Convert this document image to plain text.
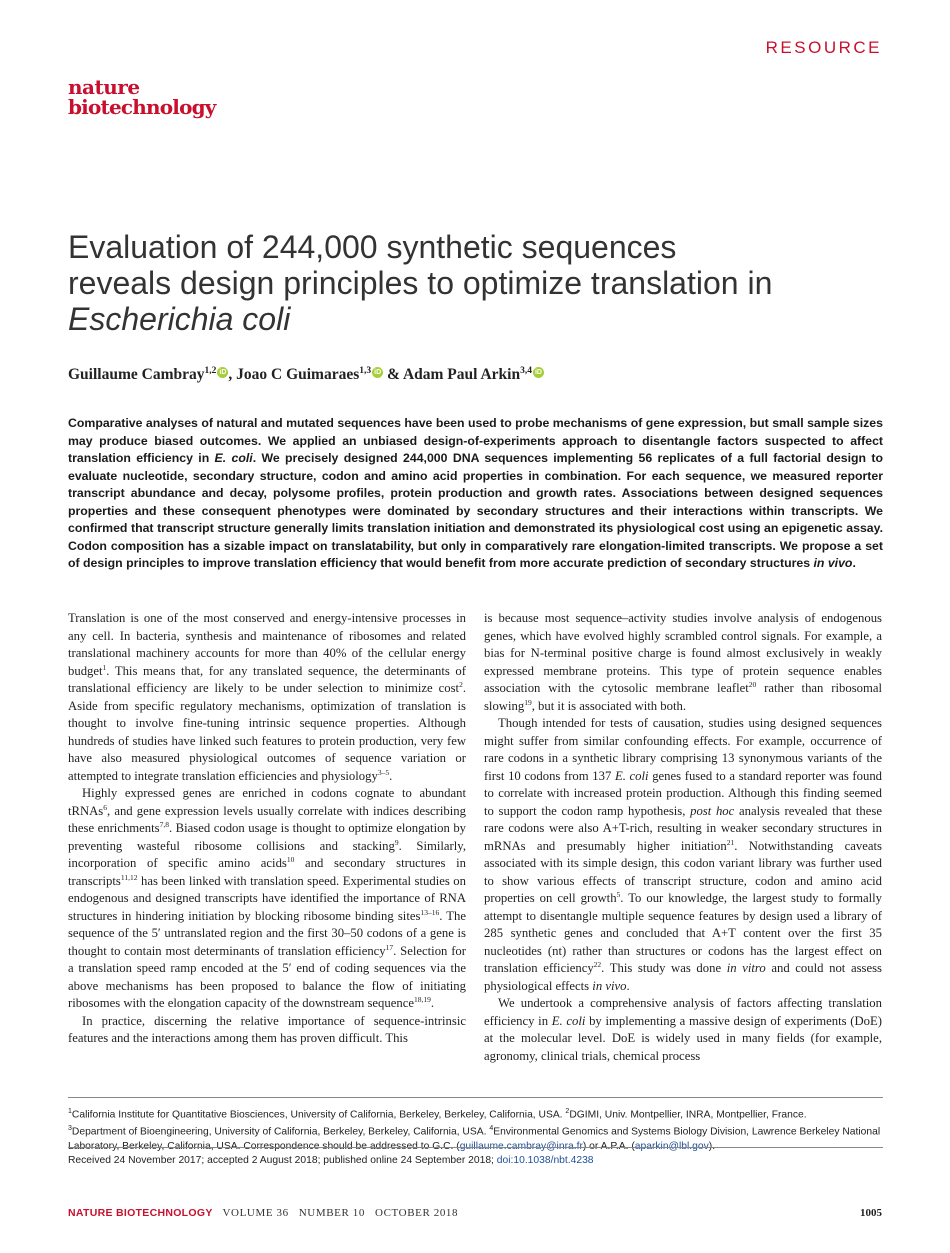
RESOURCE
nature
biotechnology
Evaluation of 244,000 synthetic sequences
reveals design principles to optimize translation in
Escherichia coli
Guillaume Cambray$^{1,2}$ iD , Joao C Guimaraes$^{1,3}$ iD & Adam Paul Arkin$^{3,4}$ iD
Comparative analyses of natural and mutated sequences have been used to probe mechanisms of gene expression, but small sample sizes may produce biased outcomes. We applied an unbiased design-of-experiments approach to disentangle factors suspected to affect translation efficiency in E. coli. We precisely designed 244,000 DNA sequences implementing 56 replicates of a full factorial design to evaluate nucleotide, secondary structure, codon and amino acid properties in combination. For each sequence, we measured reporter transcript abundance and decay, polysome profiles, protein production and growth rates. Associations between designed sequences properties and these consequent phenotypes were dominated by secondary structures and their interactions within transcripts. We confirmed that transcript structure generally limits translation initiation and demonstrated its physiological cost using an epigenetic assay. Codon composition has a sizable impact on translatability, but only in comparatively rare elongation-limited transcripts. We propose a set of design principles to improve translation efficiency that would benefit from more accurate prediction of secondary structures in vivo.

Translation is one of the most conserved and energy-intensive processes in any cell. In bacteria, synthesis and maintenance of ribosomes and related translational machinery accounts for more than 40% of the cellular energy budget$^1$. This means that, for any translated sequence, the determinants of translational efficiency are likely to be under selection to minimize cost$^2$. Aside from specific regulatory mechanisms, optimization of translation is thought to involve fine-tuning intrinsic sequence properties. Although hundreds of studies have linked such features to protein production, very few have also measured physiological outcomes of sequence variation or attempted to integrate translation efficiencies and physiology$^{3-5}$.

Highly expressed genes are enriched in codons cognate to abundant tRNAs$^6$, and gene expression levels usually correlate with indices describing these enrichments$^{7,8}$. Biased codon usage is thought to optimize elongation by preventing wasteful ribosome collisions and stacking$^9$. Similarly, incorporation of specific amino acids$^{10}$ and secondary structures in transcripts$^{11,12}$ has been linked with translation speed. Experimental studies on endogenous and designed transcripts have identified the importance of RNA structures in hindering initiation by blocking ribosome binding sites$^{13-16}$. The sequence of the 5′ untranslated region and the first 30–50 codons of a gene is thought to contain most determinants of translation efficiency$^{17}$. Selection for a translation speed ramp encoded at the 5′ end of coding sequences via the above mechanisms has been proposed to balance the flow of initiating ribosomes with the elongation capacity of the downstream sequence$^{18,19}$.

In practice, discerning the relative importance of sequence-intrinsic features and the interactions among them has proven difficult. This

is because most sequence–activity studies involve analysis of endogenous genes, which have evolved highly scrambled control signals. For example, a bias for N-terminal positive charge is found almost exclusively in weakly expressed membrane proteins. This type of protein sequence enables association with the cytosolic membrane leaflet$^{20}$ rather than ribosomal slowing$^{19}$, but it is associated with both.

Though intended for tests of causation, studies using designed sequences might suffer from similar confounding effects. For example, occurrence of rare codons in a synthetic library comprising 13 synonymous variants of the first 10 codons from 137 E. coli genes fused to a standard reporter was found to correlate with increased protein production. Although this finding seemed to support the codon ramp hypothesis, post hoc analysis revealed that these rare codons were also A+T-rich, resulting in weaker secondary structures in mRNAs and presumably higher initiation$^{21}$. Notwithstanding caveats associated with its simple design, this codon variant library was further used to show various effects of transcript structure, codon and amino acid properties on cell growth$^5$. To our knowledge, the largest study to formally attempt to disentangle multiple sequence features by design used a library of 285 synthetic genes and concluded that A+T content over the first 35 nucleotides (nt) rather than structures or codons has the largest effect on translation efficiency$^{22}$. This study was done in vitro and could not assess physiological effects in vivo.

We undertook a comprehensive analysis of factors affecting translation efficiency in E. coli by implementing a massive design of experiments (DoE) at the molecular level. DoE is widely used in many fields (for example, agronomy, clinical trials, chemical process

$^1$California Institute for Quantitative Biosciences, University of California, Berkeley, Berkeley, California, USA. $^2$DGIMI, Univ. Montpellier, INRA, Montpellier, France.
$^3$Department of Bioengineering, University of California, Berkeley, Berkeley, California, USA. $^4$Environmental Genomics and Systems Biology Division, Lawrence Berkeley National
Received 24 November 2017; accepted 2 August 2018; published online 24 September 2018; doi:10.1038/nbt.4238
NATURE BIOTECHNOLOGY VOLUME 36 NUMBER 10 OCTOBER 2018	1005
